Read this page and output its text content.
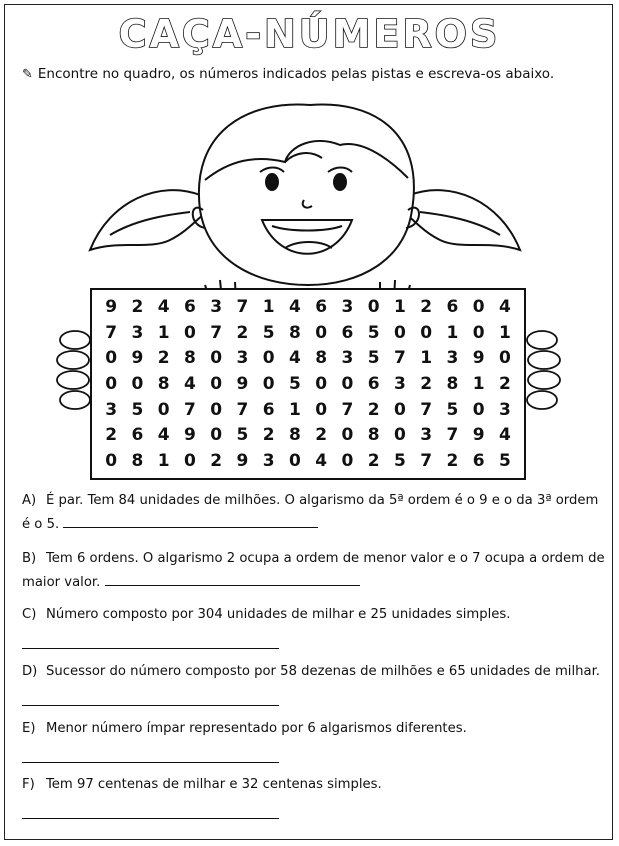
CAÇA-NÚMEROS
✎ Encontre no quadro, os números indicados pelas pistas e escreva-os abaixo.
9 2 4 6 3 7 1 4 6 3 0 1 2 6 0 4
7 3 1 0 7 2 5 8 0 6 5 0 0 1 0 1
0 9 2 8 0 3 0 4 8 3 5 7 1 3 9 0
0 0 8 4 0 9 0 5 0 0 6 3 2 8 1 2
3 5 0 7 0 7 6 1 0 7 2 0 7 5 0 3
2 6 4 9 0 5 2 8 2 0 8 0 3 7 9 4
0 8 1 0 2 9 3 0 4 0 2 5 7 2 6 5
A) É par. Tem 84 unidades de milhões. O algarismo da 5ª ordem é o 9 e o da 3ª ordem
é o 5.
B) Tem 6 ordens. O algarismo 2 ocupa a ordem de menor valor e o 7 ocupa a ordem de
maior valor.
C) Número composto por 304 unidades de milhar e 25 unidades simples.
D) Sucessor do número composto por 58 dezenas de milhões e 65 unidades de milhar.
E) Menor número ímpar representado por 6 algarismos diferentes.
F) Tem 97 centenas de milhar e 32 centenas simples.
